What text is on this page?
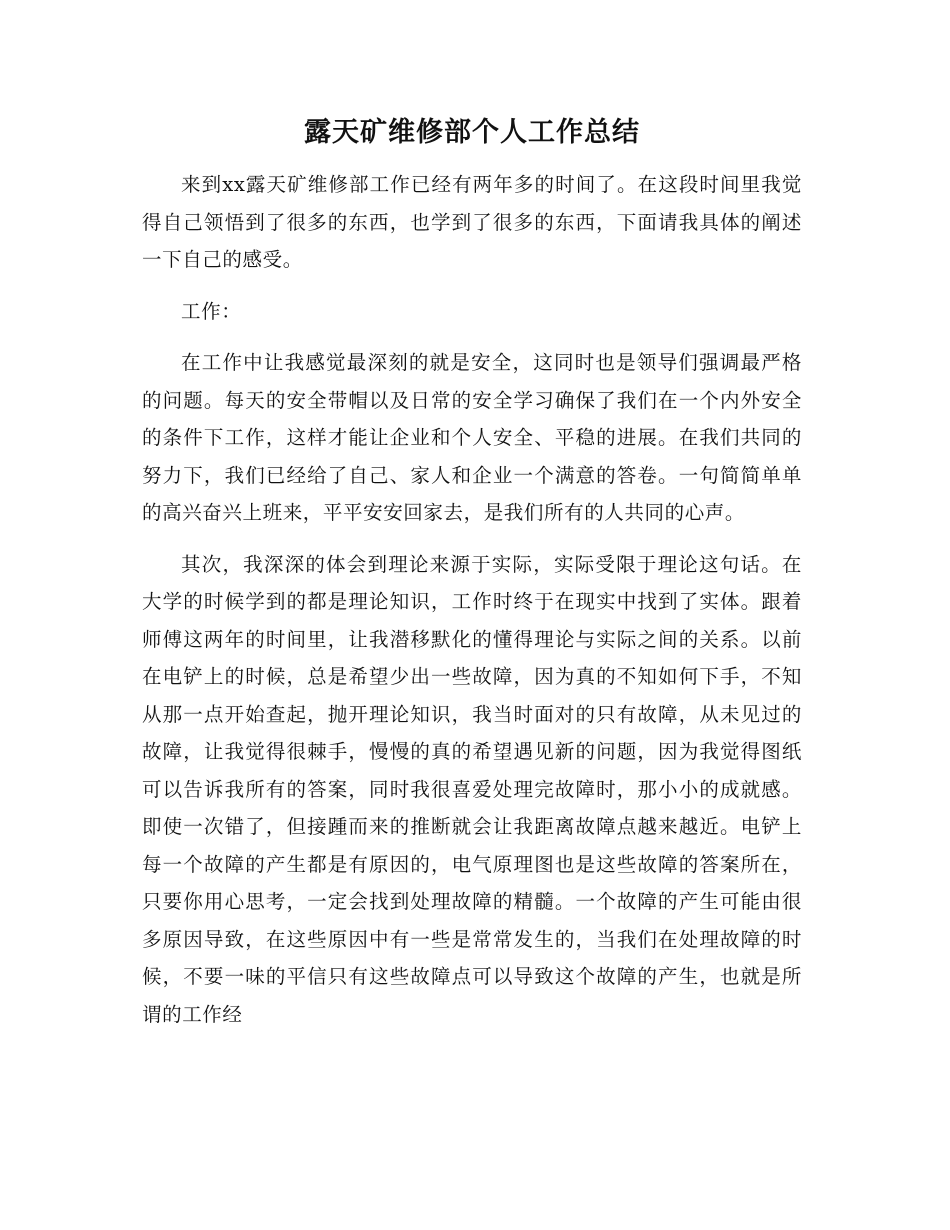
露天矿维修部个人工作总结

来到xx露天矿维修部工作已经有两年多的时间了。在这段时间里我觉得自己领悟到了很多的东西，也学到了很多的东西，下面请我具体的阐述一下自己的感受。

工作：

在工作中让我感觉最深刻的就是安全，这同时也是领导们强调最严格的问题。每天的安全带帽以及日常的安全学习确保了我们在一个内外安全的条件下工作，这样才能让企业和个人安全、平稳的进展。在我们共同的努力下，我们已经给了自己、家人和企业一个满意的答卷。一句简简单单的高兴奋兴上班来，平平安安回家去，是我们所有的人共同的心声。

其次，我深深的体会到理论来源于实际，实际受限于理论这句话。在大学的时候学到的都是理论知识，工作时终于在现实中找到了实体。跟着师傅这两年的时间里，让我潜移默化的懂得理论与实际之间的关系。以前在电铲上的时候，总是希望少出一些故障，因为真的不知如何下手，不知从那一点开始查起，抛开理论知识，我当时面对的只有故障，从未见过的故障，让我觉得很棘手，慢慢的真的希望遇见新的问题，因为我觉得图纸可以告诉我所有的答案，同时我很喜爱处理完故障时，那小小的成就感。即使一次错了，但接踵而来的推断就会让我距离故障点越来越近。电铲上每一个故障的产生都是有原因的，电气原理图也是这些故障的答案所在，只要你用心思考，一定会找到处理故障的精髓。一个故障的产生可能由很多原因导致，在这些原因中有一些是常常发生的，当我们在处理故障的时候，不要一味的平信只有这些故障点可以导致这个故障的产生，也就是所谓的工作经
